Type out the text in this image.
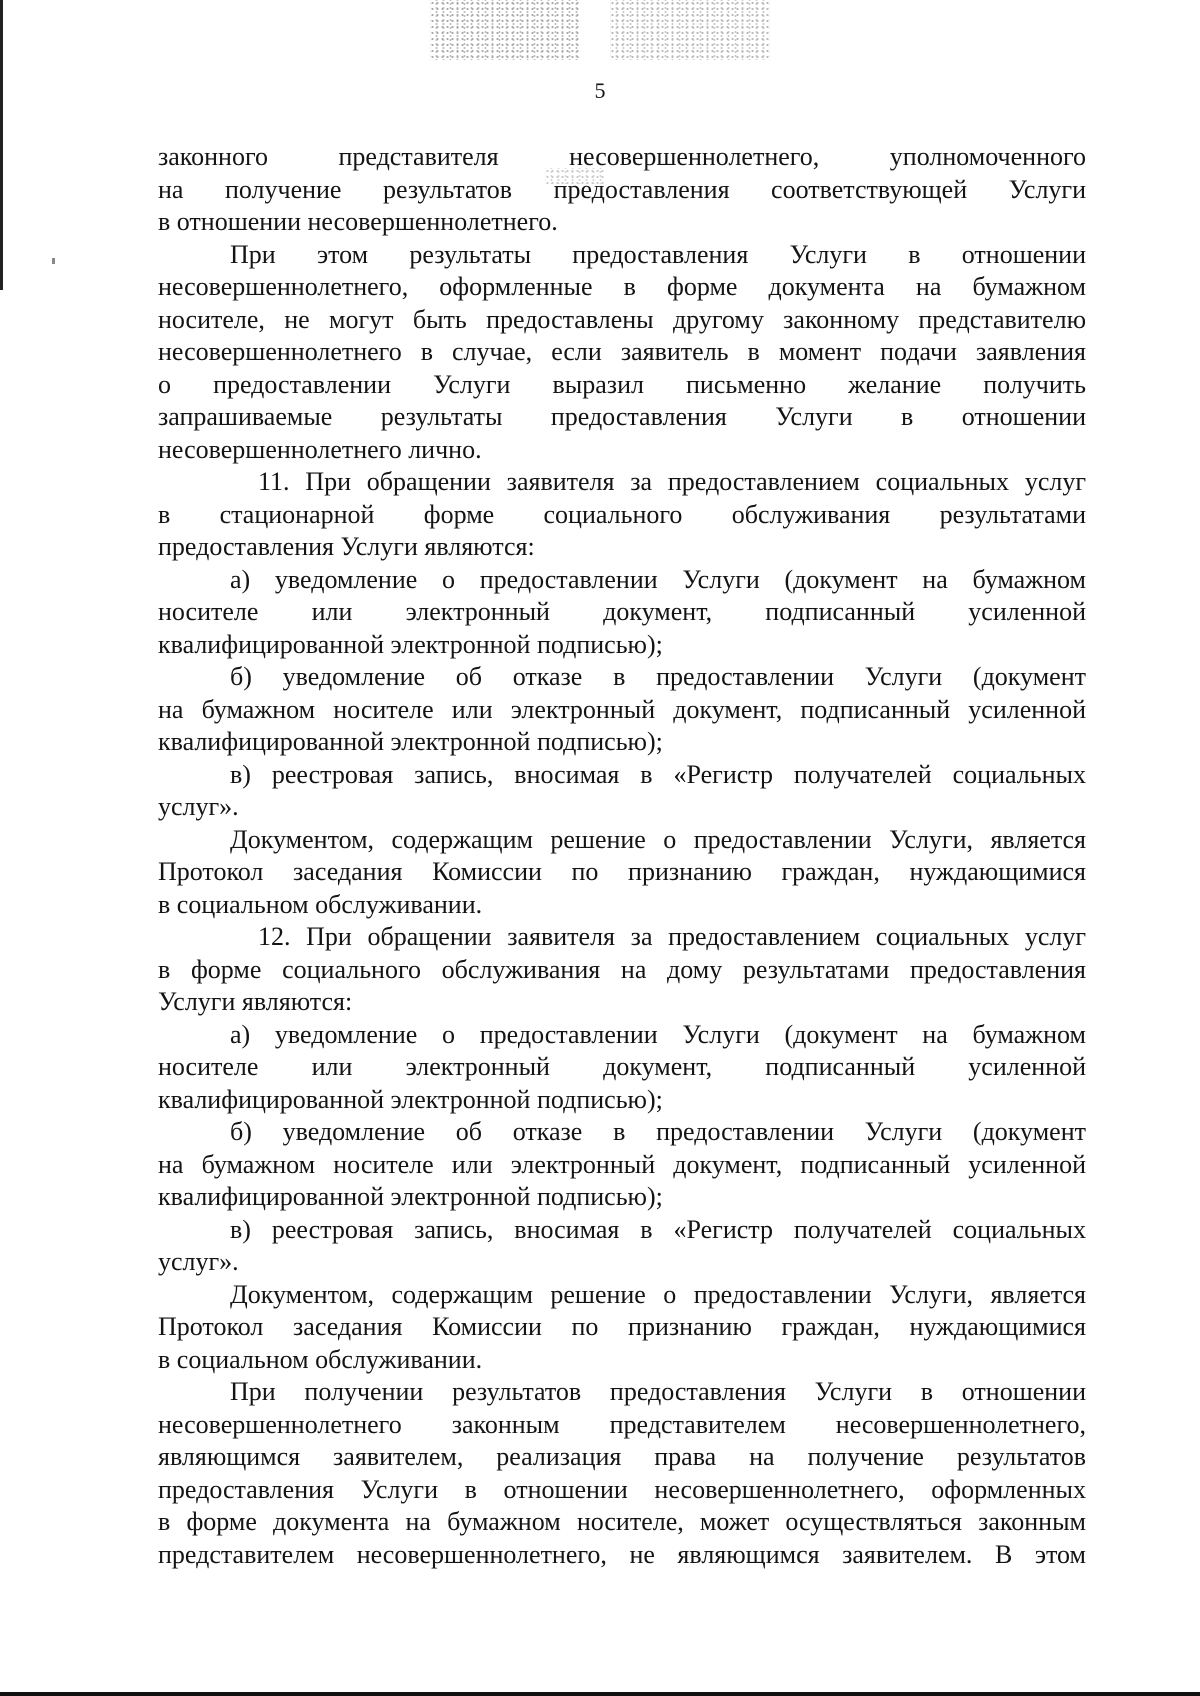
5
законного представителя несовершеннолетнего, уполномоченного
на получение результатов предоставления соответствующей Услуги
в отношении несовершеннолетнего.
При этом результаты предоставления Услуги в отношении
несовершеннолетнего, оформленные в форме документа на бумажном
носителе, не могут быть предоставлены другому законному представителю
несовершеннолетнего в случае, если заявитель в момент подачи заявления
о предоставлении Услуги выразил письменно желание получить
запрашиваемые результаты предоставления Услуги в отношении
несовершеннолетнего лично.
11. При обращении заявителя за предоставлением социальных услуг
в стационарной форме социального обслуживания результатами
предоставления Услуги являются:
а) уведомление о предоставлении Услуги (документ на бумажном
носителе или электронный документ, подписанный усиленной
квалифицированной электронной подписью);
б) уведомление об отказе в предоставлении Услуги (документ
на бумажном носителе или электронный документ, подписанный усиленной
квалифицированной электронной подписью);
в) реестровая запись, вносимая в «Регистр получателей социальных
услуг».
Документом, содержащим решение о предоставлении Услуги, является
Протокол заседания Комиссии по признанию граждан, нуждающимися
в социальном обслуживании.
12. При обращении заявителя за предоставлением социальных услуг
в форме социального обслуживания на дому результатами предоставления
Услуги являются:
а) уведомление о предоставлении Услуги (документ на бумажном
носителе или электронный документ, подписанный усиленной
квалифицированной электронной подписью);
б) уведомление об отказе в предоставлении Услуги (документ
на бумажном носителе или электронный документ, подписанный усиленной
квалифицированной электронной подписью);
в) реестровая запись, вносимая в «Регистр получателей социальных
услуг».
Документом, содержащим решение о предоставлении Услуги, является
Протокол заседания Комиссии по признанию граждан, нуждающимися
в социальном обслуживании.
При получении результатов предоставления Услуги в отношении
несовершеннолетнего законным представителем несовершеннолетнего,
являющимся заявителем, реализация права на получение результатов
предоставления Услуги в отношении несовершеннолетнего, оформленных
в форме документа на бумажном носителе, может осуществляться законным
представителем несовершеннолетнего, не являющимся заявителем. В этом
